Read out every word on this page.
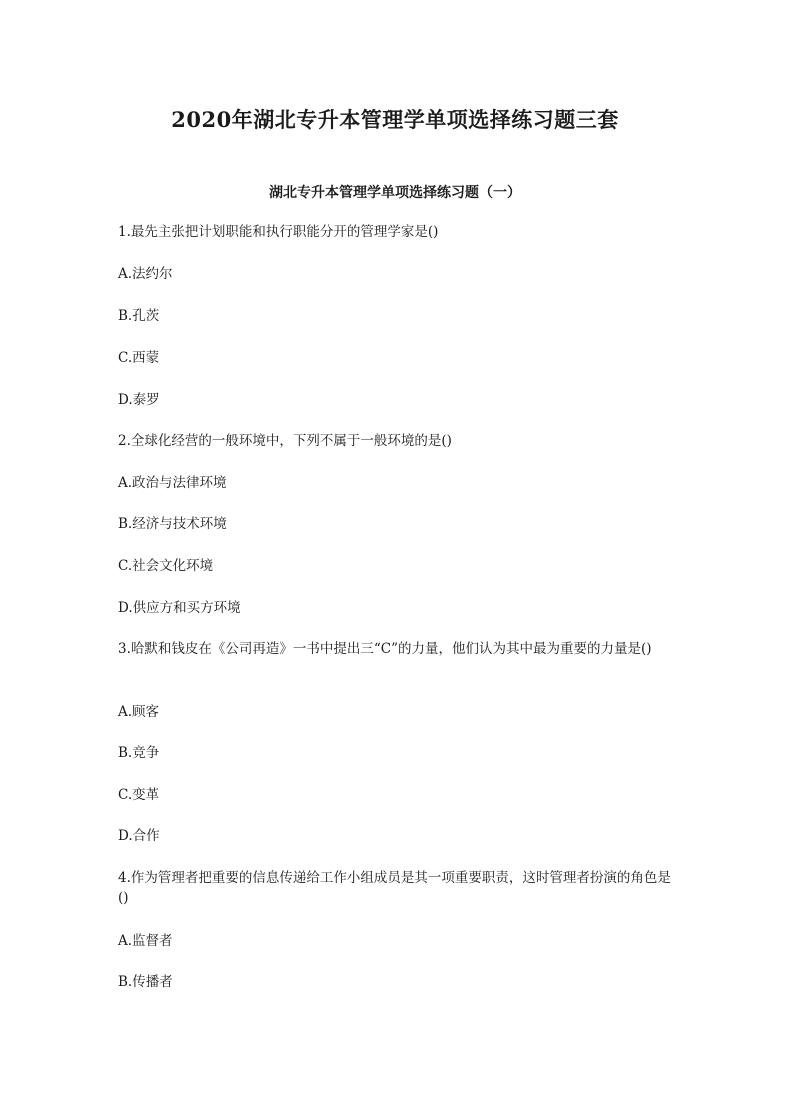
2020年湖北专升本管理学单项选择练习题三套
湖北专升本管理学单项选择练习题（一）
1.最先主张把计划职能和执行职能分开的管理学家是()
A.法约尔
B.孔茨
C.西蒙
D.泰罗
2.全球化经营的一般环境中，下列不属于一般环境的是()
A.政治与法律环境
B.经济与技术环境
C.社会文化环境
D.供应方和买方环境
3.哈默和钱皮在《公司再造》一书中提出三“C”的力量，他们认为其中最为重要的力量是()
A.顾客
B.竞争
C.变革
D.合作
4.作为管理者把重要的信息传递给工作小组成员是其一项重要职责，这时管理者扮演的角色是()
A.监督者
B.传播者
